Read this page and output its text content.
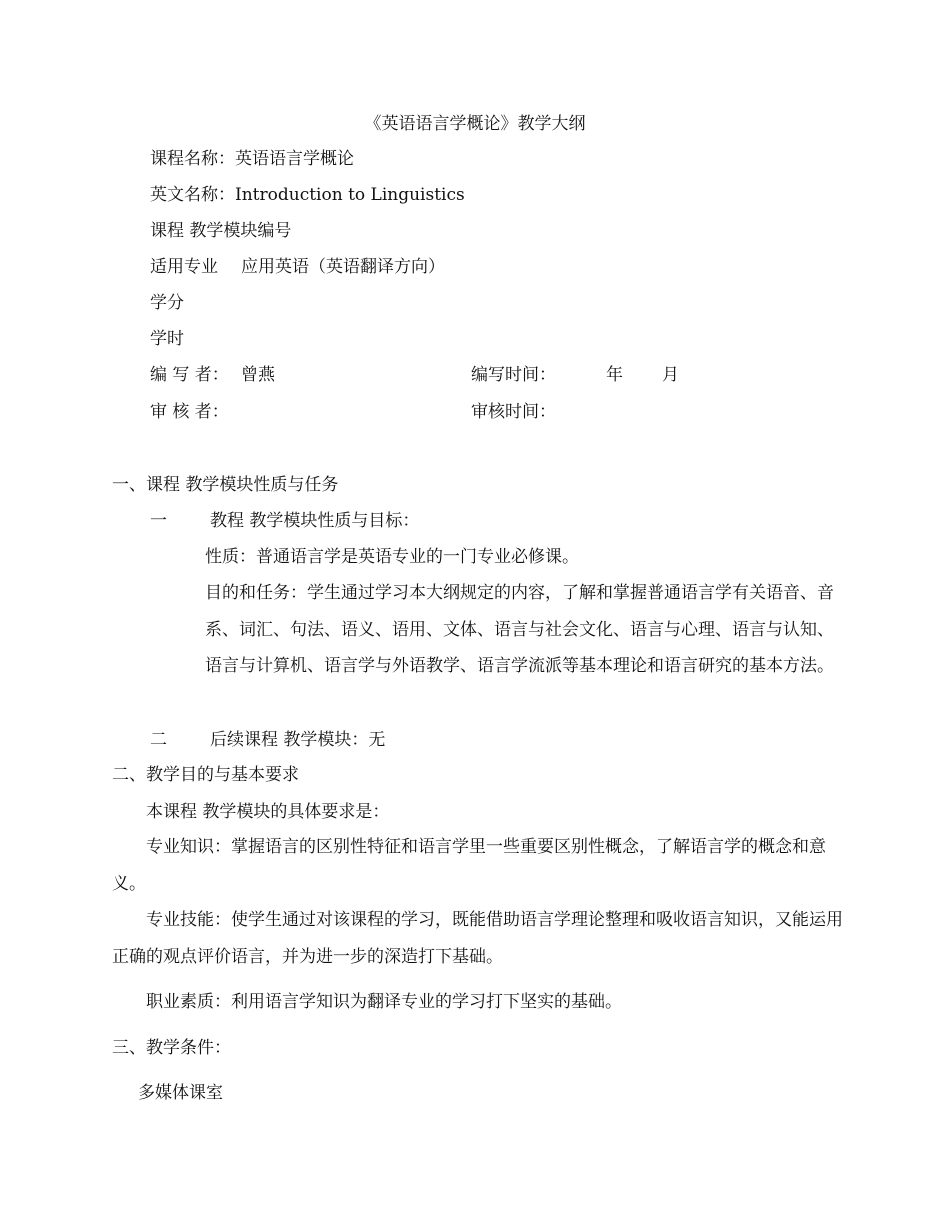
《英语语言学概论》教学大纲
课程名称：英语语言学概论
英文名称：Introduction to Linguistics
课程 教学模块编号
适用专业 应用英语（英语翻译方向）
学分
学时
编 写 者： 曾燕	编写时间：	年 月
审 核 者：	审核时间：
一、课程 教学模块性质与任务
一	教程 教学模块性质与目标：
性质：普通语言学是英语专业的一门专业必修课。
目的和任务：学生通过学习本大纲规定的内容，了解和掌握普通语言学有关语音、音系、词汇、句法、语义、语用、文体、语言与社会文化、语言与心理、语言与认知、语言与计算机、语言学与外语教学、语言学流派等基本理论和语言研究的基本方法。
二	后续课程 教学模块：无
二、教学目的与基本要求
本课程 教学模块的具体要求是：
专业知识：掌握语言的区别性特征和语言学里一些重要区别性概念，了解语言学的概念和意义。
专业技能：使学生通过对该课程的学习，既能借助语言学理论整理和吸收语言知识，又能运用正确的观点评价语言，并为进一步的深造打下基础。
职业素质：利用语言学知识为翻译专业的学习打下坚实的基础。
三、教学条件：
多媒体课室
